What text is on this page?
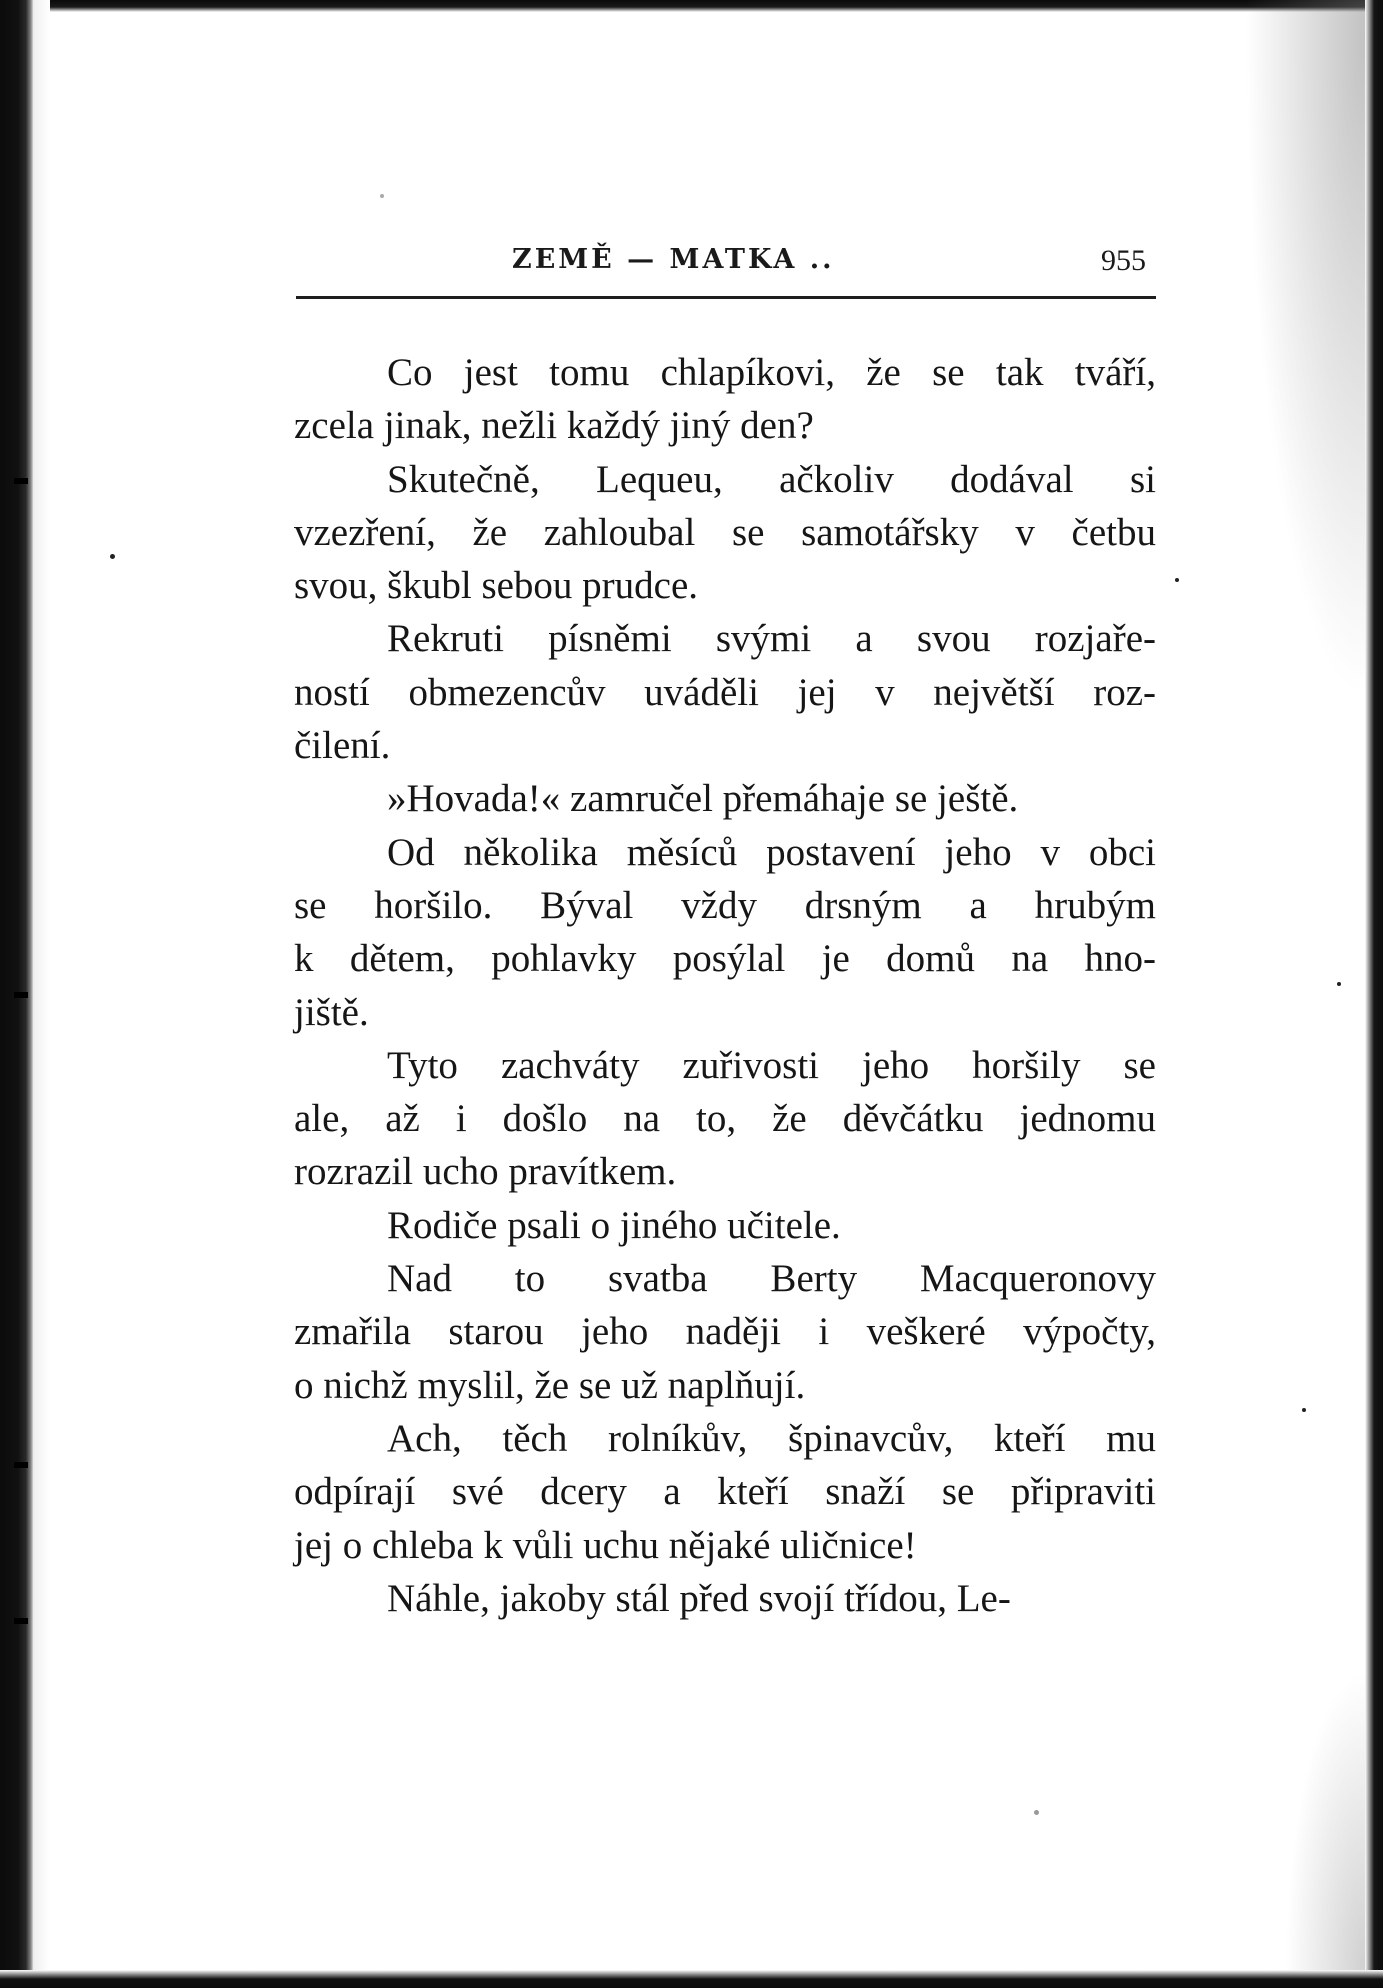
ZEMĚ — MATKA ..	955
Co jest tomu chlapíkovi, že se tak tváří,
zcela jinak, nežli každý jiný den?
Skutečně, Lequeu, ačkoliv dodával si
vzezření, že zahloubal se samotářsky v četbu
svou, škubl sebou prudce.
Rekruti písněmi svými a svou rozjaře-
ností obmezencův uváděli jej v největší roz-
čilení.
»Hovada!« zamručel přemáhaje se ještě.
Od několika měsíců postavení jeho v obci
se horšilo. Býval vždy drsným a hrubým
k dětem, pohlavky posýlal je domů na hno-
jiště.
Tyto zachváty zuřivosti jeho horšily se
ale, až i došlo na to, že děvčátku jednomu
rozrazil ucho pravítkem.
Rodiče psali o jiného učitele.
Nad to svatba Berty Macqueronovy
zmařila starou jeho naději i veškeré výpočty,
o nichž myslil, že se už naplňují.
Ach, těch rolníkův, špinavcův, kteří mu
odpírají své dcery a kteří snaží se připraviti
jej o chleba k vůli uchu nějaké uličnice!
Náhle, jakoby stál před svojí třídou, Le-
